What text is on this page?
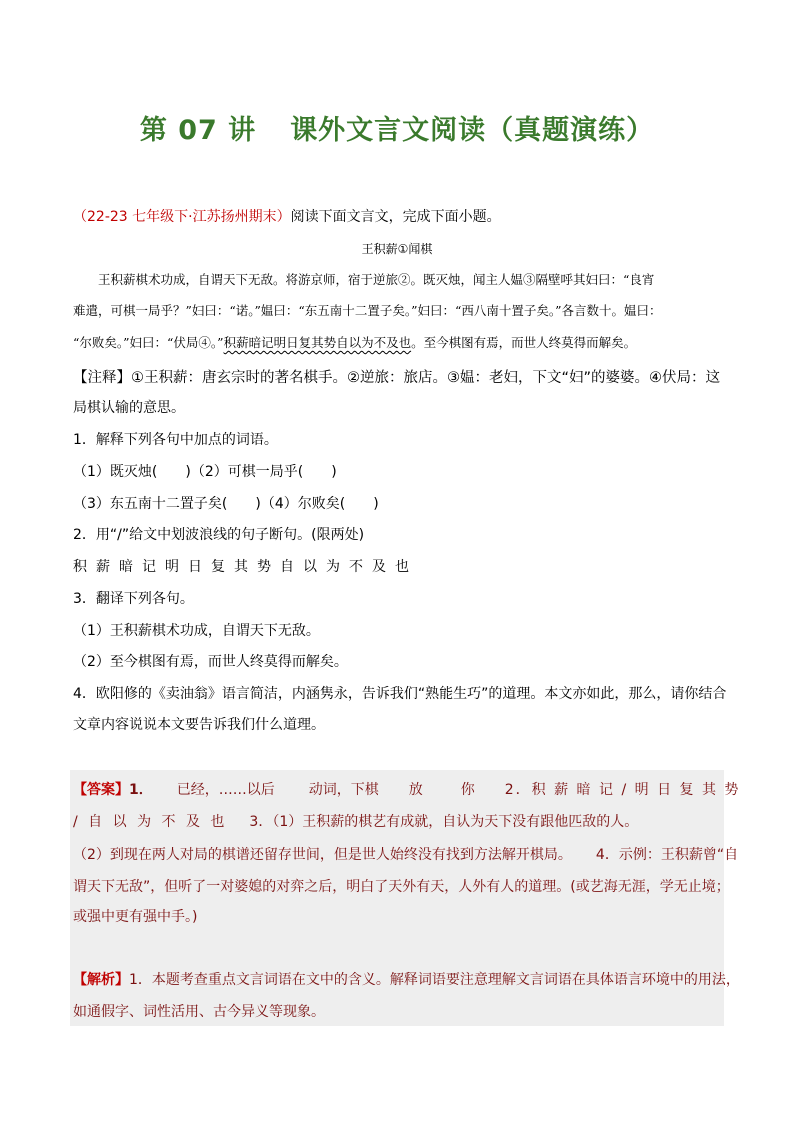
第 07 讲 课外文言文阅读（真题演练）
（22-23 七年级下·江苏扬州期末）阅读下面文言文，完成下面小题。
王积薪①闻棋
王积薪棋术功成，自谓天下无敌。将游京师，宿于逆旅②。既灭烛，闻主人媪③隔壁呼其妇曰：“良宵
难遣，可棋一局乎？”妇曰：“诺。”媪曰：“东五南十二置子矣。”妇曰：“西八南十置子矣。”各言数十。媪曰：
“尔败矣。”妇曰：“伏局④。”积薪暗记明日复其势自以为不及也。至今棋图有焉，而世人终莫得而解矣。
【注释】①王积薪：唐玄宗时的著名棋手。②逆旅：旅店。③媪：老妇，下文“妇”的婆婆。④伏局：这
局棋认输的意思。
1．解释下列各句中加点的词语。
（1）既灭烛(　　)（2）可棋一局乎(　　)
（3）东五南十二置子矣(　　)（4）尔败矣(　　)
2．用“/”给文中划波浪线的句子断句。(限两处)
积薪暗记明日复其势自以为不及也
3．翻译下列各句。
（1）王积薪棋术功成，自谓天下无敌。
（2）至今棋图有焉，而世人终莫得而解矣。
4．欧阳修的《卖油翁》语言简洁，内涵隽永，告诉我们“熟能生巧”的道理。本文亦如此，那么，请你结合
文章内容说说本文要告诉我们什么道理。
【答案】1． 已经，……以后 动词，下棋 放	你 2．积 薪 暗 记 / 明 日 复 其 势
/ 自 以 为 不 及 也 3．（1）王积薪的棋艺有成就，自认为天下没有跟他匹敌的人。
（2）到现在两人对局的棋谱还留存世间，但是世人始终没有找到方法解开棋局。 4．示例：王积薪曾“自
谓天下无敌”，但听了一对婆媳的对弈之后，明白了天外有天，人外有人的道理。(或艺海无涯，学无止境；
或强中更有强中手。)
【解析】1．本题考查重点文言词语在文中的含义。解释词语要注意理解文言词语在具体语言环境中的用法，
如通假字、词性活用、古今异义等现象。
